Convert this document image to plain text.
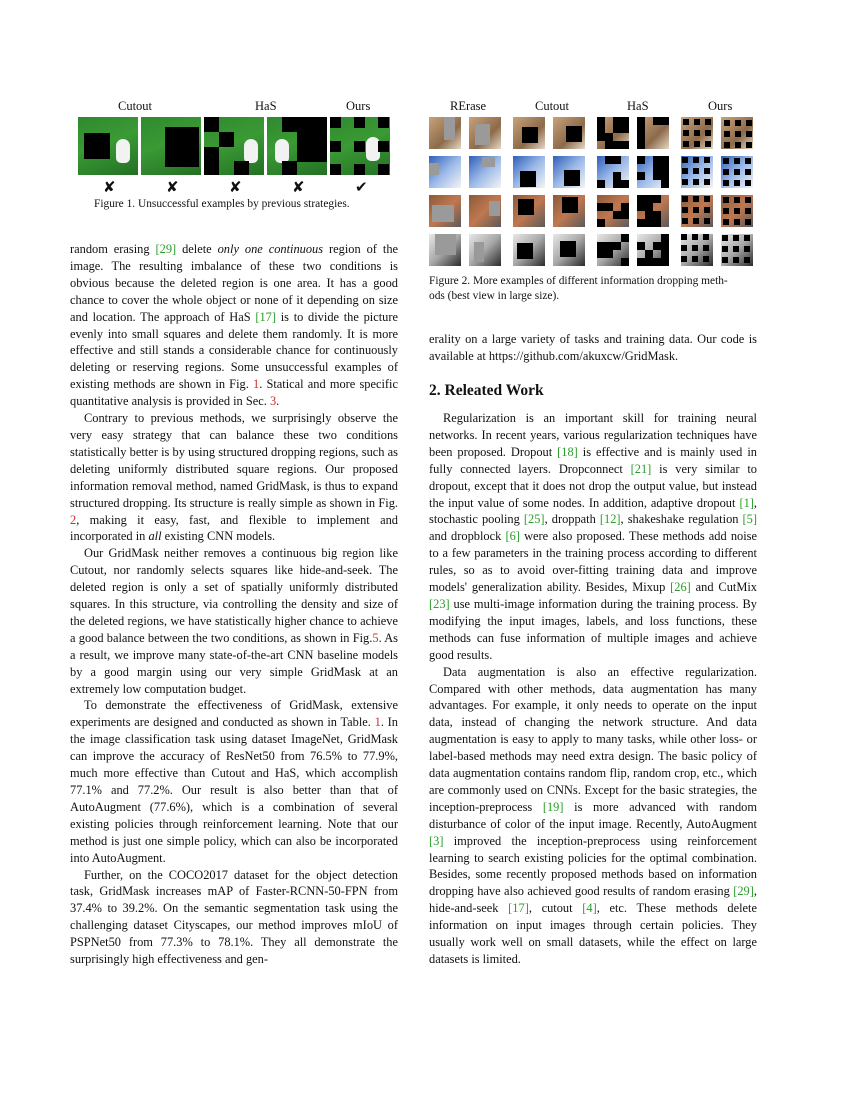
Cutout	HaS	Ours
✘	✘	✘	✘	✔
Figure 1. Unsuccessful examples by previous strategies.
RErase	Cutout	HaS	Ours
Figure 2. More examples of different information dropping meth-
ods (best view in large size).

random erasing [29] delete only one continuous region of the image. The resulting imbalance of these two conditions is obvious because the deleted region is one area. It has a good chance to cover the whole object or none of it depending on size and location. The approach of HaS [17] is to divide the picture evenly into small squares and delete them randomly. It is more effective and still stands a considerable chance for continuously deleting or reserving regions. Some unsuccessful examples of existing methods are shown in Fig. 1. Statical and more specific quantitative analysis is provided in Sec. 3.

Contrary to previous methods, we surprisingly observe the very easy strategy that can balance these two conditions statistically better is by using structured dropping regions, such as deleting uniformly distributed square regions. Our proposed information removal method, named GridMask, is thus to expand structured dropping. Its structure is really simple as shown in Fig. 2, making it easy, fast, and flexible to implement and incorporated in all existing CNN models.

Our GridMask neither removes a continuous big region like Cutout, nor randomly selects squares like hide-and-seek. The deleted region is only a set of spatially uniformly distributed squares. In this structure, via controlling the density and size of the deleted regions, we have statistically higher chance to achieve a good balance between the two conditions, as shown in Fig.5. As a result, we improve many state-of-the-art CNN baseline models by a good margin using our very simple GridMask at an extremely low computation budget.

To demonstrate the effectiveness of GridMask, extensive experiments are designed and conducted as shown in Table. 1. In the image classification task using dataset ImageNet, GridMask can improve the accuracy of ResNet50 from 76.5% to 77.9%, much more effective than Cutout and HaS, which accomplish 77.1% and 77.2%. Our result is also better than that of AutoAugment (77.6%), which is a combination of several existing policies through reinforcement learning. Note that our method is just one simple policy, which can also be incorporated into AutoAugment.

Further, on the COCO2017 dataset for the object detection task, GridMask increases mAP of Faster-RCNN-50-FPN from 37.4% to 39.2%. On the semantic segmentation task using the challenging dataset Cityscapes, our method improves mIoU of PSPNet50 from 77.3% to 78.1%. They all demonstrate the surprisingly high effectiveness and gen-

erality on a large variety of tasks and training data. Our code is available at https://github.com/akuxcw/GridMask.

2. Releated Work

Regularization is an important skill for training neural networks. In recent years, various regularization techniques have been proposed. Dropout [18] is effective and is mainly used in fully connected layers. Dropconnect [21] is very similar to dropout, except that it does not drop the output value, but instead the input value of some nodes. In addition, adaptive dropout [1], stochastic pooling [25], droppath [12], shakeshake regulation [5] and dropblock [6] were also proposed. These methods add noise to a few parameters in the training process according to different rules, so as to avoid over-fitting training data and improve models' generalization ability. Besides, Mixup [26] and CutMix [23] use multi-image information during the training process. By modifying the input images, labels, and loss functions, these methods can fuse information of multiple images and achieve good results.

Data augmentation is also an effective regularization. Compared with other methods, data augmentation has many advantages. For example, it only needs to operate on the input data, instead of changing the network structure. And data augmentation is easy to apply to many tasks, while other loss- or label-based methods may need extra design. The basic policy of data augmentation contains random flip, random crop, etc., which are commonly used on CNNs. Except for the basic strategies, the inception-preprocess [19] is more advanced with random disturbance of color of the input image. Recently, AutoAugment [3] improved the inception-preprocess using reinforcement learning to search existing policies for the optimal combination. Besides, some recently proposed methods based on information dropping have also achieved good results of random erasing [29], hide-and-seek [17], cutout [4], etc. These methods delete information on input images through certain policies. They usually work well on small datasets, while the effect on large datasets is limited.
